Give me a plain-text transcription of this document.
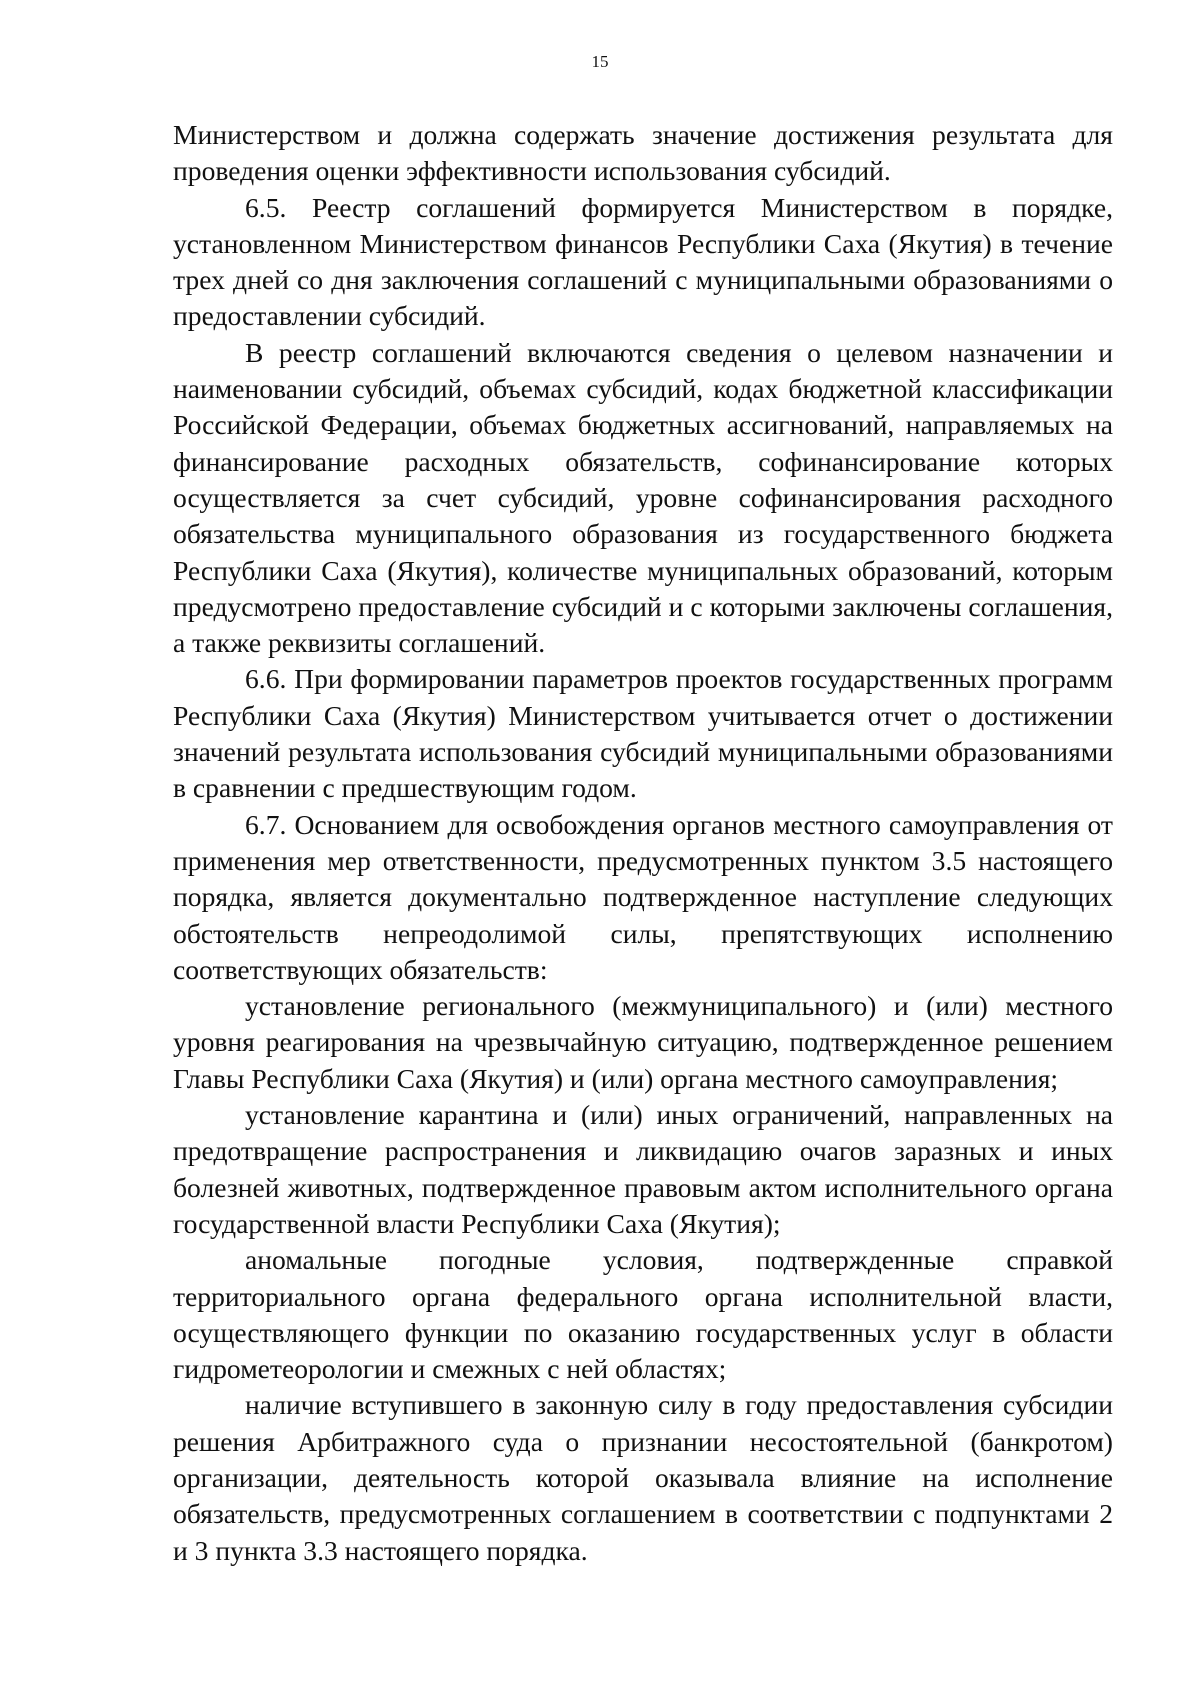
15

Министерством и должна содержать значение достижения результата для проведения оценки эффективности использования субсидий.

6.5. Реестр соглашений формируется Министерством в порядке, установленном Министерством финансов Республики Саха (Якутия) в течение трех дней со дня заключения соглашений с муниципальными образованиями о предоставлении субсидий.

В реестр соглашений включаются сведения о целевом назначении и наименовании субсидий, объемах субсидий, кодах бюджетной классификации Российской Федерации, объемах бюджетных ассигнований, направляемых на финансирование расходных обязательств, софинансирование которых осуществляется за счет субсидий, уровне софинансирования расходного обязательства муниципального образования из государственного бюджета Республики Саха (Якутия), количестве муниципальных образований, которым предусмотрено предоставление субсидий и с которыми заключены соглашения, а также реквизиты соглашений.

6.6. При формировании параметров проектов государственных программ Республики Саха (Якутия) Министерством учитывается отчет о достижении значений результата использования субсидий муниципальными образованиями в сравнении с предшествующим годом.

6.7. Основанием для освобождения органов местного самоуправления от применения мер ответственности, предусмотренных пунктом 3.5 настоящего порядка, является документально подтвержденное наступление следующих обстоятельств непреодолимой силы, препятствующих исполнению соответствующих обязательств:

установление регионального (межмуниципального) и (или) местного уровня реагирования на чрезвычайную ситуацию, подтвержденное решением Главы Республики Саха (Якутия) и (или) органа местного самоуправления;

установление карантина и (или) иных ограничений, направленных на предотвращение распространения и ликвидацию очагов заразных и иных болезней животных, подтвержденное правовым актом исполнительного органа государственной власти Республики Саха (Якутия);

аномальные погодные условия, подтвержденные справкой территориального органа федерального органа исполнительной власти, осуществляющего функции по оказанию государственных услуг в области гидрометеорологии и смежных с ней областях;

наличие вступившего в законную силу в году предоставления субсидии решения Арбитражного суда о признании несостоятельной (банкротом) организации, деятельность которой оказывала влияние на исполнение обязательств, предусмотренных соглашением в соответствии с подпунктами 2 и 3 пункта 3.3 настоящего порядка.
